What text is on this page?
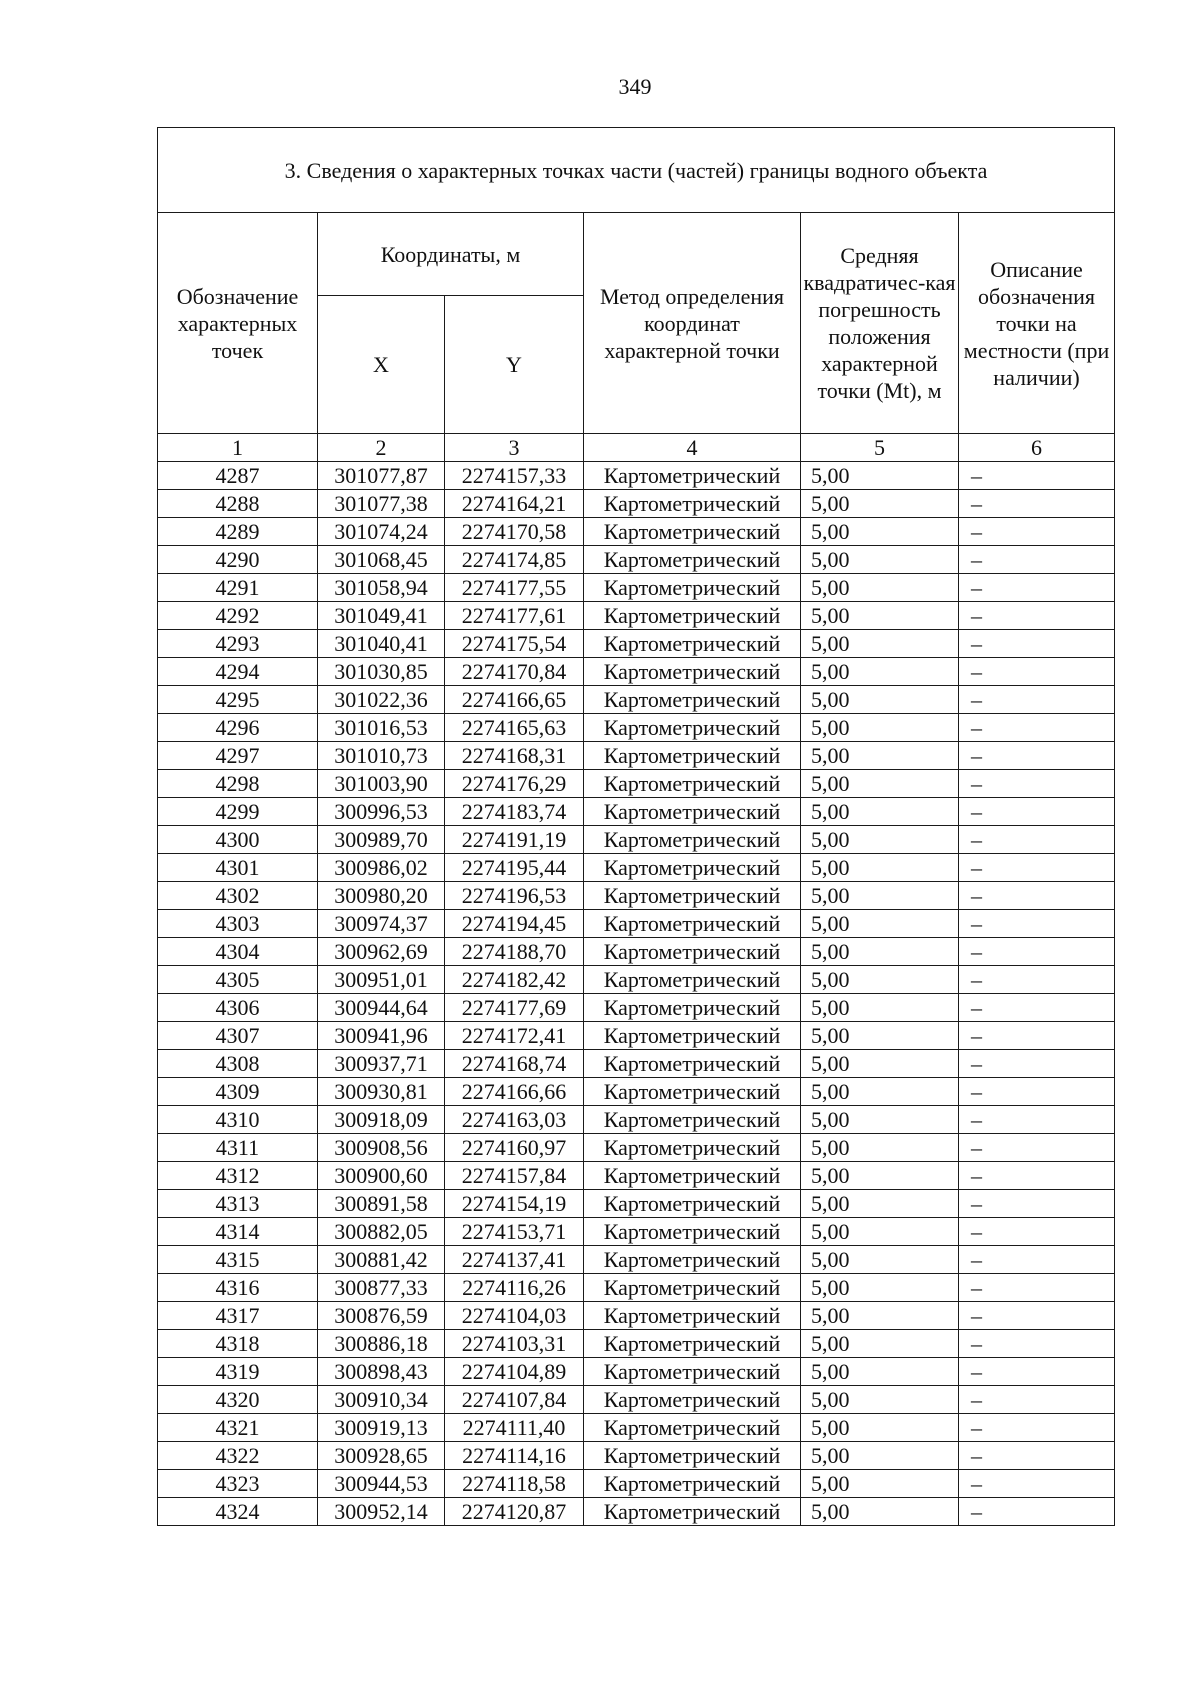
349
3. Сведения о характерных точках части (частей) границы водного объекта					
Обозначение характерных точек	Координаты, м		Метод определения координат характерной точки	Средняя квадратичес-кая погрешность положения характерной точки (Mt), м	Описание обозначения точки на местности (при наличии)
	X	Y			
1	2	3	4	5	6
4287	301077,87	2274157,33	Картометрический	5,00	–
4288	301077,38	2274164,21	Картометрический	5,00	–
4289	301074,24	2274170,58	Картометрический	5,00	–
4290	301068,45	2274174,85	Картометрический	5,00	–
4291	301058,94	2274177,55	Картометрический	5,00	–
4292	301049,41	2274177,61	Картометрический	5,00	–
4293	301040,41	2274175,54	Картометрический	5,00	–
4294	301030,85	2274170,84	Картометрический	5,00	–
4295	301022,36	2274166,65	Картометрический	5,00	–
4296	301016,53	2274165,63	Картометрический	5,00	–
4297	301010,73	2274168,31	Картометрический	5,00	–
4298	301003,90	2274176,29	Картометрический	5,00	–
4299	300996,53	2274183,74	Картометрический	5,00	–
4300	300989,70	2274191,19	Картометрический	5,00	–
4301	300986,02	2274195,44	Картометрический	5,00	–
4302	300980,20	2274196,53	Картометрический	5,00	–
4303	300974,37	2274194,45	Картометрический	5,00	–
4304	300962,69	2274188,70	Картометрический	5,00	–
4305	300951,01	2274182,42	Картометрический	5,00	–
4306	300944,64	2274177,69	Картометрический	5,00	–
4307	300941,96	2274172,41	Картометрический	5,00	–
4308	300937,71	2274168,74	Картометрический	5,00	–
4309	300930,81	2274166,66	Картометрический	5,00	–
4310	300918,09	2274163,03	Картометрический	5,00	–
4311	300908,56	2274160,97	Картометрический	5,00	–
4312	300900,60	2274157,84	Картометрический	5,00	–
4313	300891,58	2274154,19	Картометрический	5,00	–
4314	300882,05	2274153,71	Картометрический	5,00	–
4315	300881,42	2274137,41	Картометрический	5,00	–
4316	300877,33	2274116,26	Картометрический	5,00	–
4317	300876,59	2274104,03	Картометрический	5,00	–
4318	300886,18	2274103,31	Картометрический	5,00	–
4319	300898,43	2274104,89	Картометрический	5,00	–
4320	300910,34	2274107,84	Картометрический	5,00	–
4321	300919,13	2274111,40	Картометрический	5,00	–
4322	300928,65	2274114,16	Картометрический	5,00	–
4323	300944,53	2274118,58	Картометрический	5,00	–
4324	300952,14	2274120,87	Картометрический	5,00	–
